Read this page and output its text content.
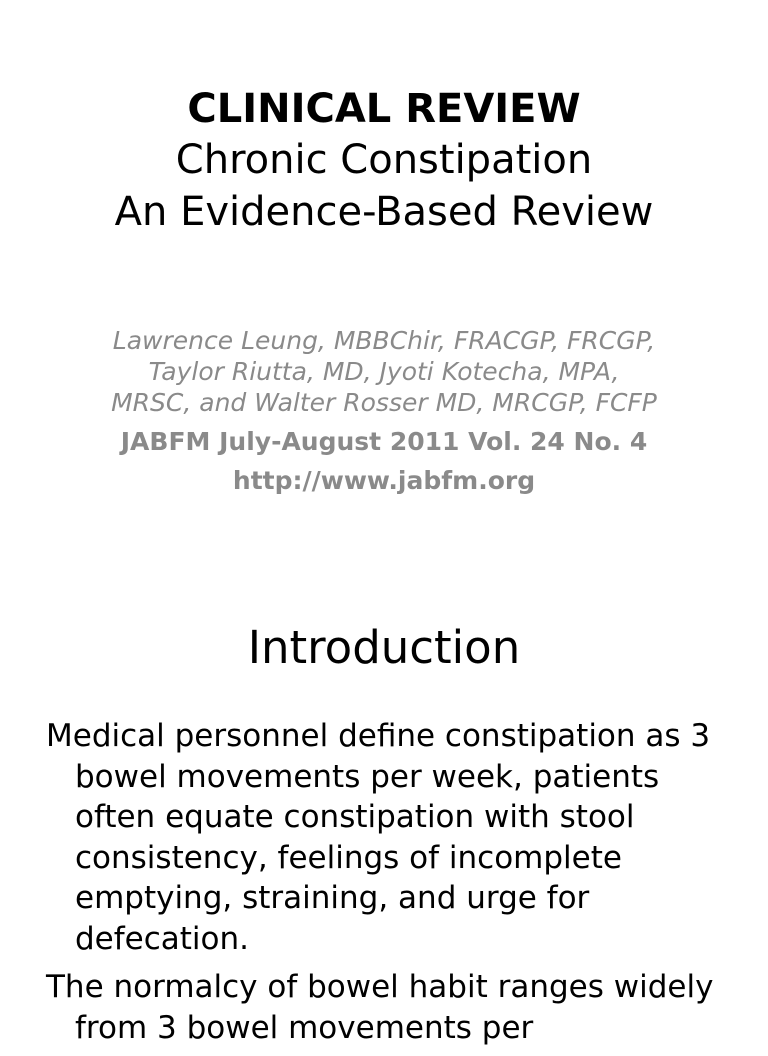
CLINICAL REVIEW

Chronic Constipation

An Evidence-Based Review

Lawrence Leung, MBBChir, FRACGP, FRCGP, Taylor Riutta, MD, Jyoti Kotecha, MPA, MRSC, and Walter Rosser MD, MRCGP, FCFP

JABFM July-August 2011 Vol. 24 No. 4

http://www.jabfm.org

Introduction
Medical personnel define constipation as 3 bowel movements per week, patients often equate constipation with stool consistency, feelings of incomplete emptying, straining, and urge for defecation.
The normalcy of bowel habit ranges widely from 3 bowel movements per
